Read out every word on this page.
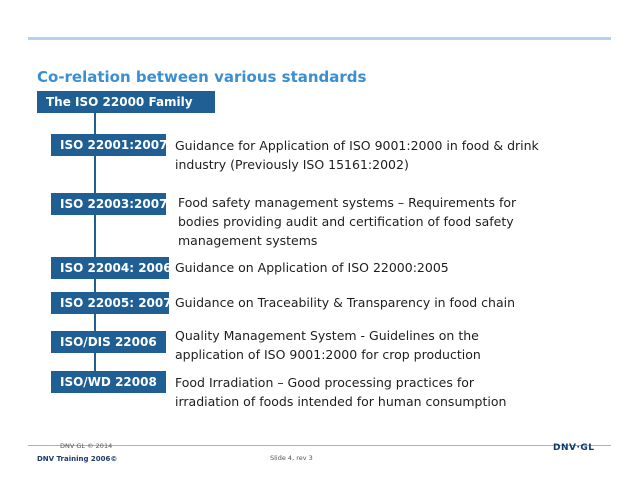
Co-relation between various standards
The ISO 22000 Family
ISO 22001:2007 Guidance for Application of ISO 9001:2000 in food & drink
industry (Previously ISO 15161:2002)
ISO 22003:2007 Food safety management systems – Requirements for
bodies providing audit and certification of food safety
management systems
ISO 22004: 2006 Guidance on Application of ISO 22000:2005
ISO 22005: 2007 Guidance on Traceability & Transparency in food chain
ISO/DIS 22006	Quality Management System - Guidelines on the
application of ISO 9001:2000 for crop production
ISO/WD 22008	Food Irradiation – Good processing practices for
irradiation of foods intended for human consumption
DNV GL © 2014
DNV Training 2006©	Slide 4, rev 3
DNV·GL
